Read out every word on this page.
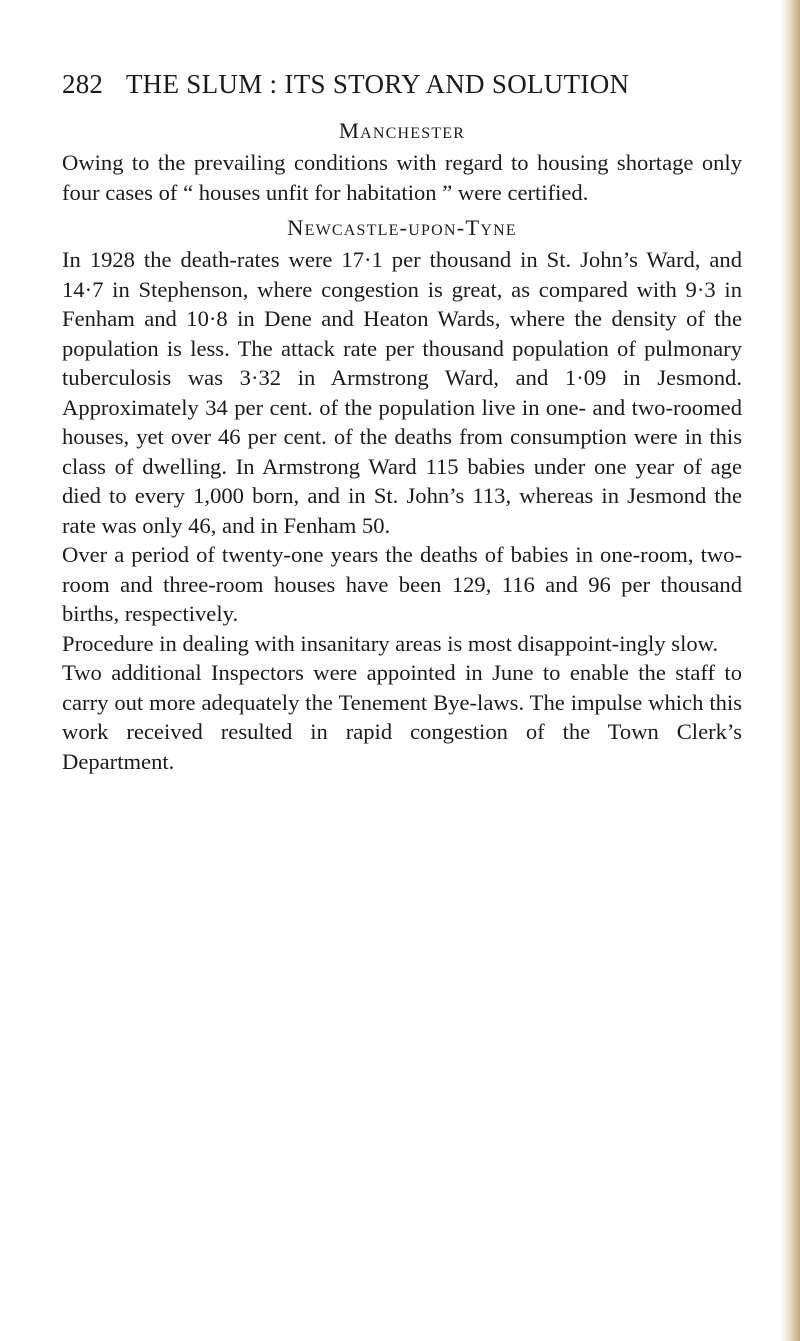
282 THE SLUM : ITS STORY AND SOLUTION
Manchester

Owing to the prevailing conditions with regard to housing shortage only four cases of “ houses unfit for habitation ” were certified.

Newcastle-upon-Tyne

In 1928 the death-rates were 17·1 per thousand in St. John’s Ward, and 14·7 in Stephenson, where congestion is great, as compared with 9·3 in Fenham and 10·8 in Dene and Heaton Wards, where the density of the population is less. The attack rate per thousand population of pulmonary tuberculosis was 3·32 in Armstrong Ward, and 1·09 in Jesmond. Approximately 34 per cent. of the population live in one- and two-roomed houses, yet over 46 per cent. of the deaths from consumption were in this class of dwelling. In Armstrong Ward 115 babies under one year of age died to every 1,000 born, and in St. John’s 113, whereas in Jesmond the rate was only 46, and in Fenham 50.

Over a period of twenty-one years the deaths of babies in one-room, two-room and three-room houses have been 129, 116 and 96 per thousand births, respectively.

Procedure in dealing with insanitary areas is most disappoint-ingly slow.

Two additional Inspectors were appointed in June to enable the staff to carry out more adequately the Tenement Bye-laws. The impulse which this work received resulted in rapid congestion of the Town Clerk’s Department.
